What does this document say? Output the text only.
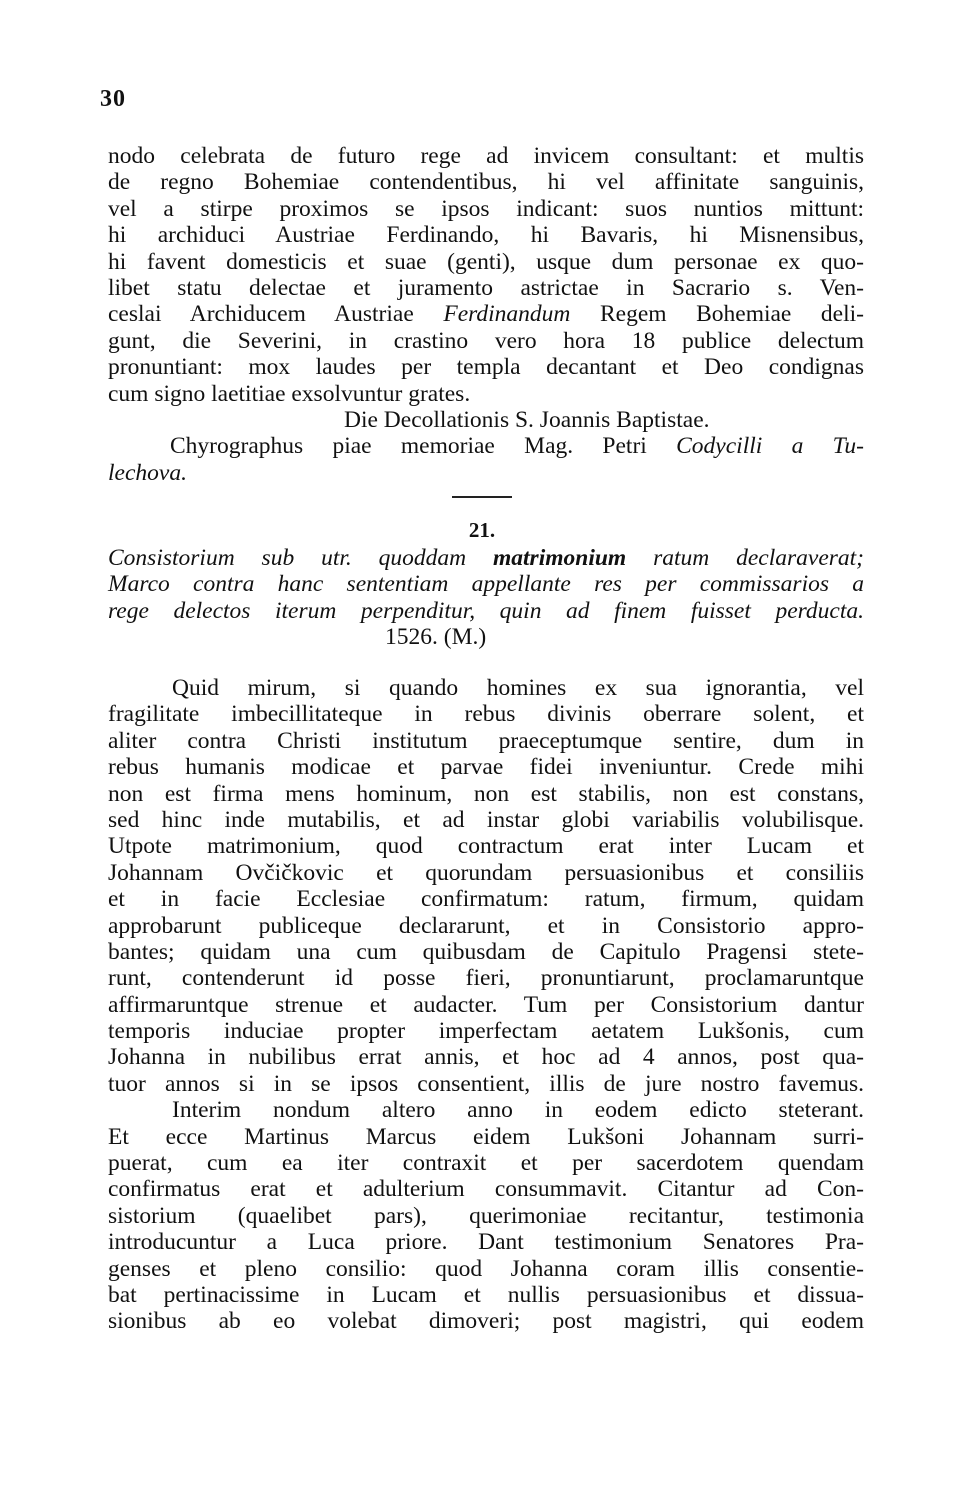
30
nodo celebrata de futuro rege ad invicem consultant: et multis
de regno Bohemiae contendentibus, hi vel affinitate sanguinis,
vel a stirpe proximos se ipsos indicant: suos nuntios mittunt:
hi archiduci Austriae Ferdinando, hi Bavaris, hi Misnensibus,
hi favent domesticis et suae (genti), usque dum personae ex quo-
libet statu delectae et juramento astrictae in Sacrario s. Ven-
ceslai Archiducem Austriae Ferdinandum Regem Bohemiae deli-
gunt, die Severini, in crastino vero hora 18 publice delectum
pronuntiant: mox laudes per templa decantant et Deo condignas
cum signo laetitiae exsolvuntur grates.
Die Decollationis S. Joannis Baptistae.
Chyrographus piae memoriae Mag. Petri Codycilli a Tu-
lechova.
21.
Consistorium sub utr. quoddam matrimonium ratum declaraverat;
Marco contra hanc sententiam appellante res per commissarios a
rege delectos iterum perpenditur, quin ad finem fuisset perducta.
1526. (M.)
Quid mirum, si quando homines ex sua ignorantia, vel
fragilitate imbecillitateque in rebus divinis oberrare solent, et
aliter contra Christi institutum praeceptumque sentire, dum in
rebus humanis modicae et parvae fidei inveniuntur. Crede mihi
non est firma mens hominum, non est stabilis, non est constans,
sed hinc inde mutabilis, et ad instar globi variabilis volubilisque.
Utpote matrimonium, quod contractum erat inter Lucam et
Johannam Ovčičkovic et quorundam persuasionibus et consiliis
et in facie Ecclesiae confirmatum: ratum, firmum, quidam
approbarunt publiceque declararunt, et in Consistorio appro-
bantes; quidam una cum quibusdam de Capitulo Pragensi stete-
runt, contenderunt id posse fieri, pronuntiarunt, proclamaruntque
affirmaruntque strenue et audacter. Tum per Consistorium dantur
temporis induciae propter imperfectam aetatem Lukšonis, cum
Johanna in nubilibus errat annis, et hoc ad 4 annos, post qua-
tuor annos si in se ipsos consentient, illis de jure nostro favemus.
Interim nondum altero anno in eodem edicto steterant.
Et ecce Martinus Marcus eidem Lukšoni Johannam surri-
puerat, cum ea iter contraxit et per sacerdotem quendam
confirmatus erat et adulterium consummavit. Citantur ad Con-
sistorium (quaelibet pars), querimoniae recitantur, testimonia
introducuntur a Luca priore. Dant testimonium Senatores Pra-
genses et pleno consilio: quod Johanna coram illis consentie-
bat pertinacissime in Lucam et nullis persuasionibus et dissua-
sionibus ab eo volebat dimoveri; post magistri, qui eodem
